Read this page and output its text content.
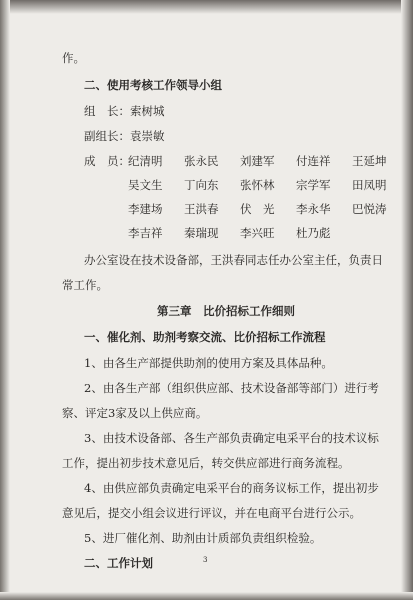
作。
二、使用考核工作领导小组
组　长：索树城
副组长：袁崇敏
成　员：
纪清明 张永民 刘建军 付连祥 王延坤
吴文生 丁向东 张怀林 宗学军 田凤明
李建场 王洪春 伏　光 李永华 巴悦涛
李吉祥 秦瑞现 李兴旺 杜乃彪
办公室设在技术设备部，王洪春同志任办公室主任，负责日
常工作。
第三章　比价招标工作细则
一、催化剂、助剂考察交流、比价招标工作流程
1、由各生产部提供助剂的使用方案及具体品种。
2、由各生产部（组织供应部、技术设备部等部门）进行考
察、评定3家及以上供应商。
3、由技术设备部、各生产部负责确定电采平台的技术议标
工作，提出初步技术意见后，转交供应部进行商务流程。
4、由供应部负责确定电采平台的商务议标工作，提出初步
意见后，提交小组会议进行评议，并在电商平台进行公示。
5、进厂催化剂、助剂由计质部负责组织检验。
二、工作计划	3
